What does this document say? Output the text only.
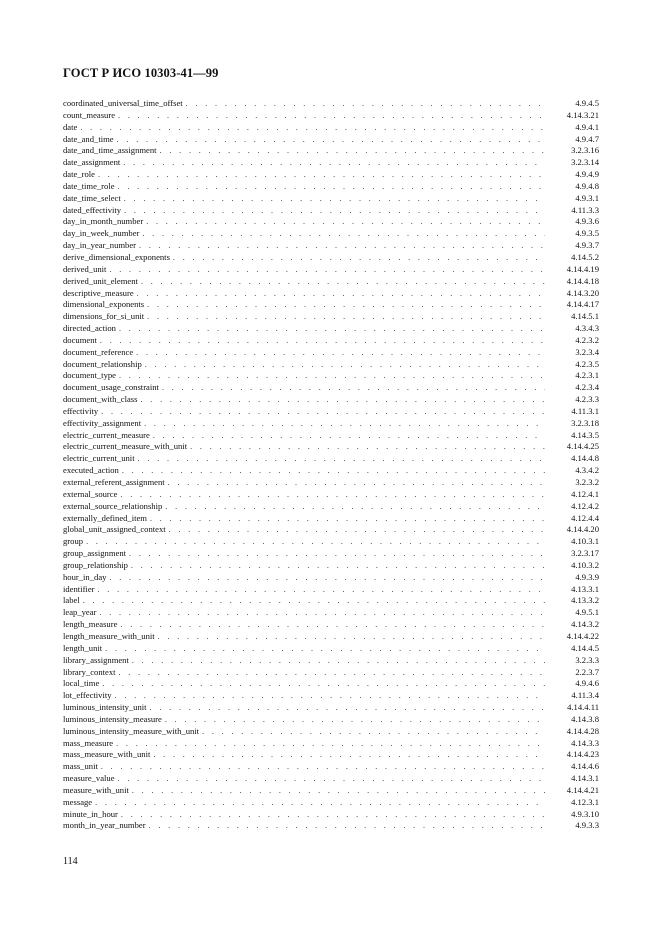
ГОСТ Р ИСО 10303-41—99
coordinated_universal_time_offset . . .	4.9.4.5
count_measure . . .	4.14.3.21
date . . .	4.9.4.1
date_and_time . . .	4.9.4.7
date_and_time_assignment . . .	3.2.3.16
date_assignment . . .	3.2.3.14
date_role . . .	4.9.4.9
date_time_role . . .	4.9.4.8
date_time_select . . .	4.9.3.1
dated_effectivity . . .	4.11.3.3
day_in_month_number . . .	4.9.3.6
day_in_week_number . . .	4.9.3.5
day_in_year_number . . .	4.9.3.7
derive_dimensional_exponents . . .	4.14.5.2
derived_unit . . .	4.14.4.19
derived_unit_element . . .	4.14.4.18
descriptive_measure . . .	4.14.3.20
dimensional_exponents . . .	4.14.4.17
dimensions_for_si_unit . . .	4.14.5.1
directed_action . . .	4.3.4.3
document . . .	4.2.3.2
document_reference . . .	3.2.3.4
document_relationship . . .	4.2.3.5
document_type . . .	4.2.3.1
document_usage_constraint . . .	4.2.3.4
document_with_class . . .	4.2.3.3
effectivity . . .	4.11.3.1
effectivity_assignment . . .	3.2.3.18
electric_current_measure . . .	4.14.3.5
electric_current_measure_with_unit . . .	4.14.4.25
electric_current_unit . . .	4.14.4.8
executed_action . . .	4.3.4.2
external_referent_assignment . . .	3.2.3.2
external_source . . .	4.12.4.1
external_source_relationship . . .	4.12.4.2
externally_defined_item . . .	4.12.4.4
global_unit_assigned_context . . .	4.14.4.20
group . . .	4.10.3.1
group_assignment . . .	3.2.3.17
group_relationship . . .	4.10.3.2
hour_in_day . . .	4.9.3.9
identifier . . .	4.13.3.1
label . . .	4.13.3.2
leap_year . . .	4.9.5.1
length_measure . . .	4.14.3.2
length_measure_with_unit . . .	4.14.4.22
length_unit . . .	4.14.4.5
library_assignment . . .	3.2.3.3
library_context . . .	2.2.3.7
local_time . . .	4.9.4.6
lot_effectivity . . .	4.11.3.4
luminous_intensity_unit . . .	4.14.4.11
luminous_intensity_measure . . .	4.14.3.8
luminous_intensity_measure_with_unit . . .	4.14.4.28
mass_measure . . .	4.14.3.3
mass_measure_with_unit . . .	4.14.4.23
mass_unit . . .	4.14.4.6
measure_value . . .	4.14.3.1
measure_with_unit . . .	4.14.4.21
message . . .	4.12.3.1
minute_in_hour . . .	4.9.3.10
month_in_year_number . . .	4.9.3.3
114
